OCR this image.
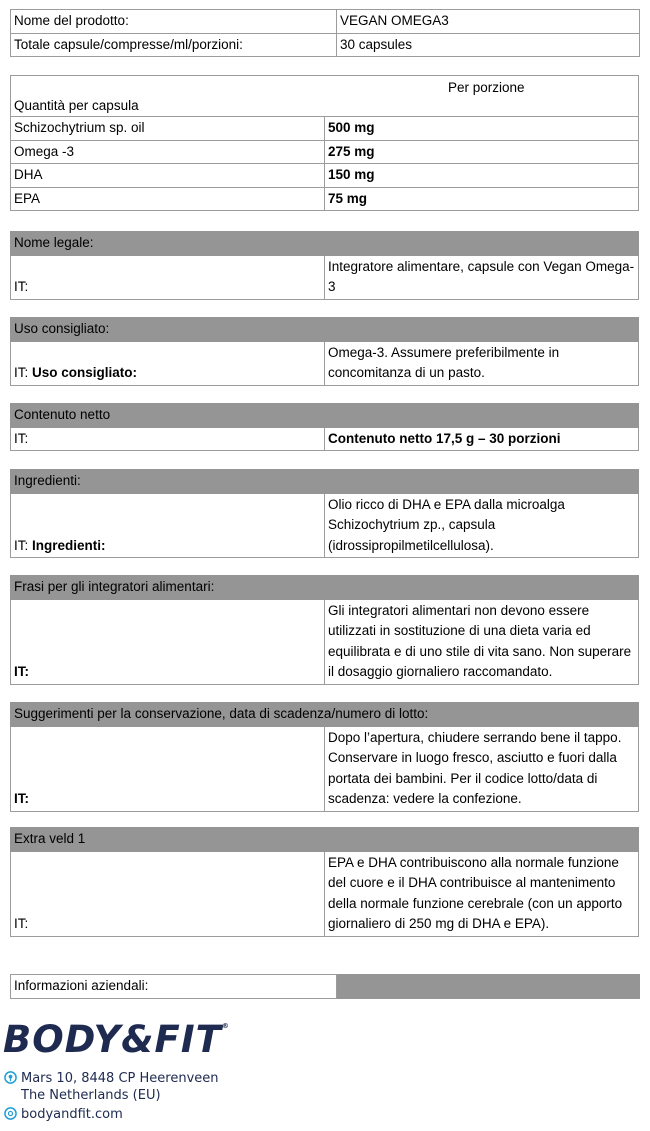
Nome del prodotto:	VEGAN OMEGA3
Totale capsule/compresse/ml/porzioni:	30 capsules
Per porzione
Quantità per capsula	

Schizochytrium sp. oil	500 mg
Omega -3	275 mg
DHA	150 mg
EPA	75 mg
Nome legale:
IT:	Integratore alimentare, capsule con Vegan Omega-3
Uso consigliato:
IT: Uso consigliato:	Omega-3. Assumere preferibilmente in concomitanza di un pasto.
Contenuto netto
IT:	Contenuto netto 17,5 g – 30 porzioni
Ingredienti:
IT: Ingredienti:	Olio ricco di DHA e EPA dalla microalga Schizochytrium zp., capsula (idrossipropilmetilcellulosa).
Frasi per gli integratori alimentari:
IT:	Gli integratori alimentari non devono essere utilizzati in sostituzione di una dieta varia ed equilibrata e di uno stile di vita sano. Non superare il dosaggio giornaliero raccomandato.
Suggerimenti per la conservazione, data di scadenza/numero di lotto:
IT:	Dopo l’apertura, chiudere serrando bene il tappo. Conservare in luogo fresco, asciutto e fuori dalla portata dei bambini. Per il codice lotto/data di scadenza: vedere la confezione.
Extra veld 1
IT:	EPA e DHA contribuiscono alla normale funzione del cuore e il DHA contribuisce al mantenimento della normale funzione cerebrale (con un apporto giornaliero di 250 mg di DHA e EPA).
Informazioni aziendali:	
BODY&FIT®
Mars 10, 8448 CP Heerenveen
The Netherlands (EU)
bodyandfit.com
